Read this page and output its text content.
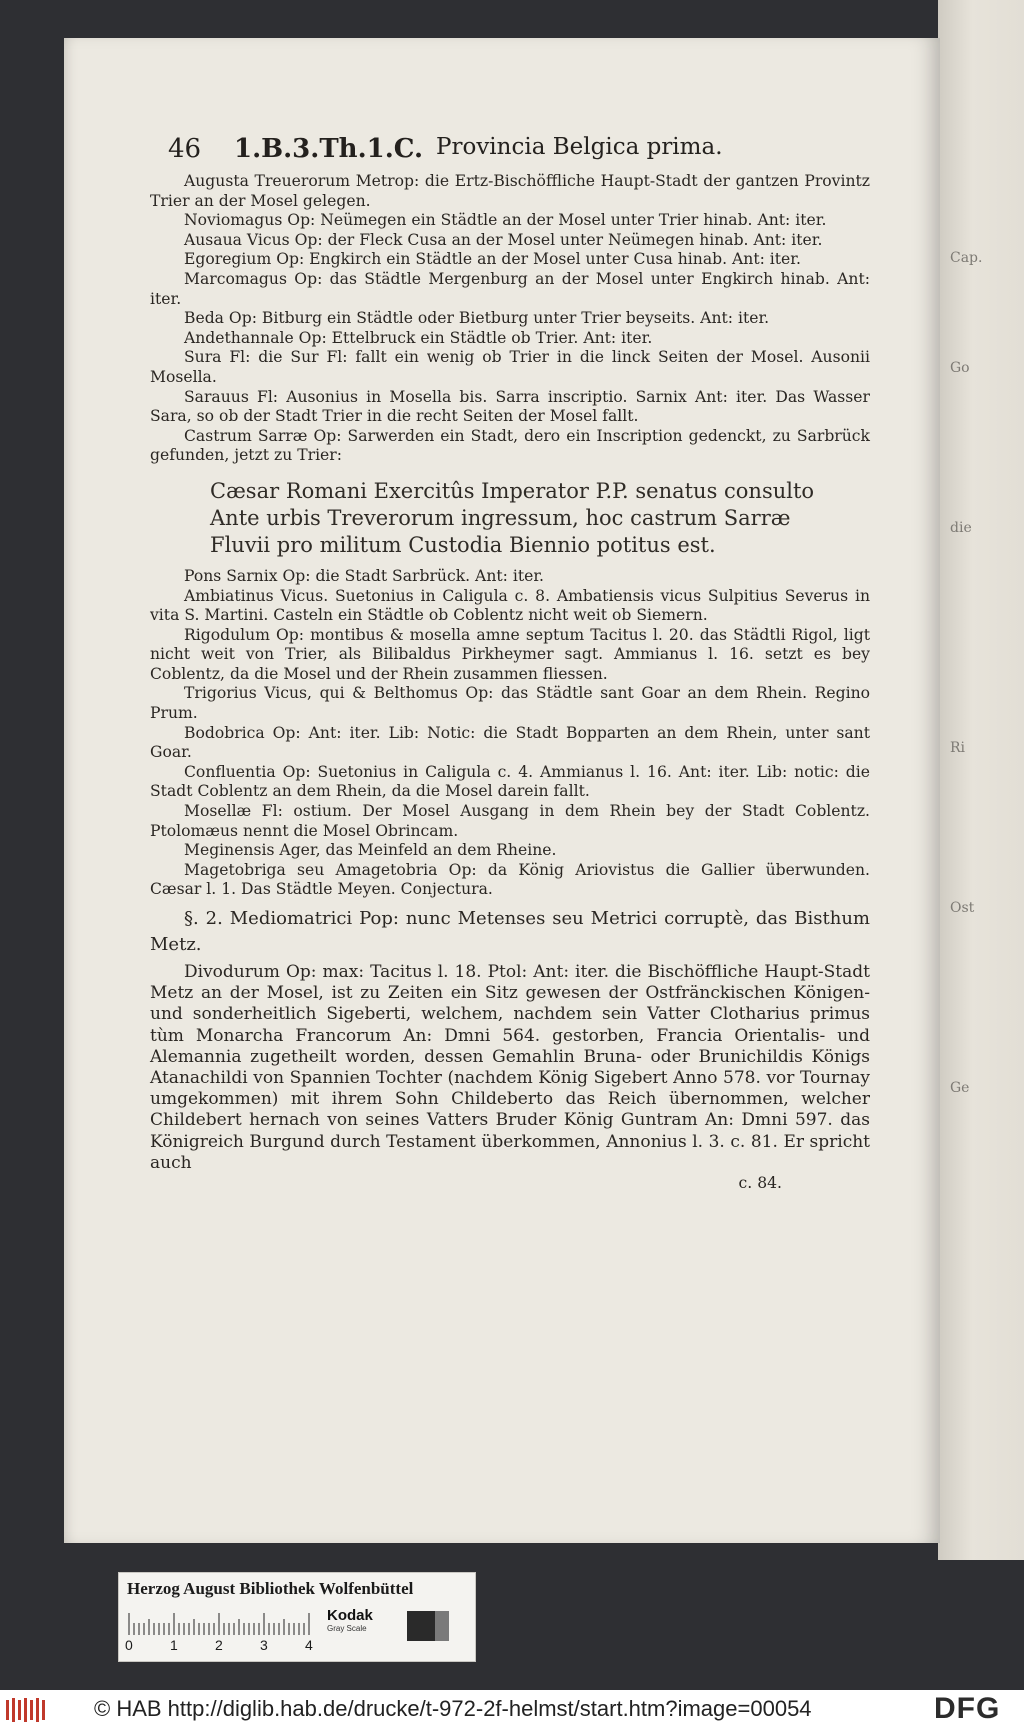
Cap.
Go
die
Ri
Ost
Ge
46 1.B.3.Th.1.C. Provincia Belgica prima.

Augusta Treuerorum Metrop: die Ertz-Bischöffliche Haupt-Stadt der gantzen Provintz Trier an der Mosel gelegen.

Noviomagus Op: Neümegen ein Städtle an der Mosel unter Trier hinab. Ant: iter.

Ausaua Vicus Op: der Fleck Cusa an der Mosel unter Neümegen hinab. Ant: iter.

Egoregium Op: Engkirch ein Städtle an der Mosel unter Cusa hinab. Ant: iter.

Marcomagus Op: das Städtle Mergenburg an der Mosel unter Engkirch hinab. Ant: iter.

Beda Op: Bitburg ein Städtle oder Bietburg unter Trier beyseits. Ant: iter.

Andethannale Op: Ettelbruck ein Städtle ob Trier. Ant: iter.

Sura Fl: die Sur Fl: fallt ein wenig ob Trier in die linck Seiten der Mosel. Ausonii Mosella.

Sarauus Fl: Ausonius in Mosella bis. Sarra inscriptio. Sarnix Ant: iter. Das Wasser Sara, so ob der Stadt Trier in die recht Seiten der Mosel fallt.

Castrum Sarræ Op: Sarwerden ein Stadt, dero ein Inscription gedenckt, zu Sarbrück gefunden, jetzt zu Trier:

Cæsar Romani Exercitûs Imperator P.P. senatus consulto
Ante urbis Treverorum ingressum, hoc castrum Sarræ
Fluvii pro militum Custodia Biennio potitus est.

Pons Sarnix Op: die Stadt Sarbrück. Ant: iter.

Ambiatinus Vicus. Suetonius in Caligula c. 8. Ambatiensis vicus Sulpitius Severus in vita S. Martini. Casteln ein Städtle ob Coblentz nicht weit ob Siemern.

Rigodulum Op: montibus & mosella amne septum Tacitus l. 20. das Städtli Rigol, ligt nicht weit von Trier, als Bilibaldus Pirkheymer sagt. Ammianus l. 16. setzt es bey Coblentz, da die Mosel und der Rhein zusammen fliessen.

Trigorius Vicus, qui & Belthomus Op: das Städtle sant Goar an dem Rhein. Regino Prum.

Bodobrica Op: Ant: iter. Lib: Notic: die Stadt Bopparten an dem Rhein, unter sant Goar.

Confluentia Op: Suetonius in Caligula c. 4. Ammianus l. 16. Ant: iter. Lib: notic: die Stadt Coblentz an dem Rhein, da die Mosel darein fallt.

Mosellæ Fl: ostium. Der Mosel Ausgang in dem Rhein bey der Stadt Coblentz. Ptolomæus nennt die Mosel Obrincam.

Meginensis Ager, das Meinfeld an dem Rheine.

Magetobriga seu Amagetobria Op: da König Ariovistus die Gallier überwunden. Cæsar l. 1. Das Städtle Meyen. Conjectura.

§. 2. Mediomatrici Pop: nunc Metenses seu Metrici corruptè, das Bisthum Metz.

Divodurum Op: max: Tacitus l. 18. Ptol: Ant: iter. die Bischöffliche Haupt-Stadt Metz an der Mosel, ist zu Zeiten ein Sitz gewesen der Ostfränckischen Königen- und sonderheitlich Sigeberti, welchem, nachdem sein Vatter Clotharius primus tùm Monarcha Francorum An: Dmni 564. gestorben, Francia Orientalis- und Alemannia zugetheilt worden, dessen Gemahlin Bruna- oder Brunichildis Königs Atanachildi von Spannien Tochter (nachdem König Sigebert Anno 578. vor Tournay umgekommen) mit ihrem Sohn Childeberto das Reich übernommen, welcher Childebert hernach von seines Vatters Bruder König Guntram An: Dmni 597. das Königreich Burgund durch Testament überkommen, Annonius l. 3. c. 81. Er spricht auch

c. 84.

Herzog August Bibliothek Wolfenbüttel
0	1	2	3	4
Kodak
Gray Scale
© HAB http://diglib.hab.de/drucke/t-972-2f-helmst/start.htm?image=00054	DFG
